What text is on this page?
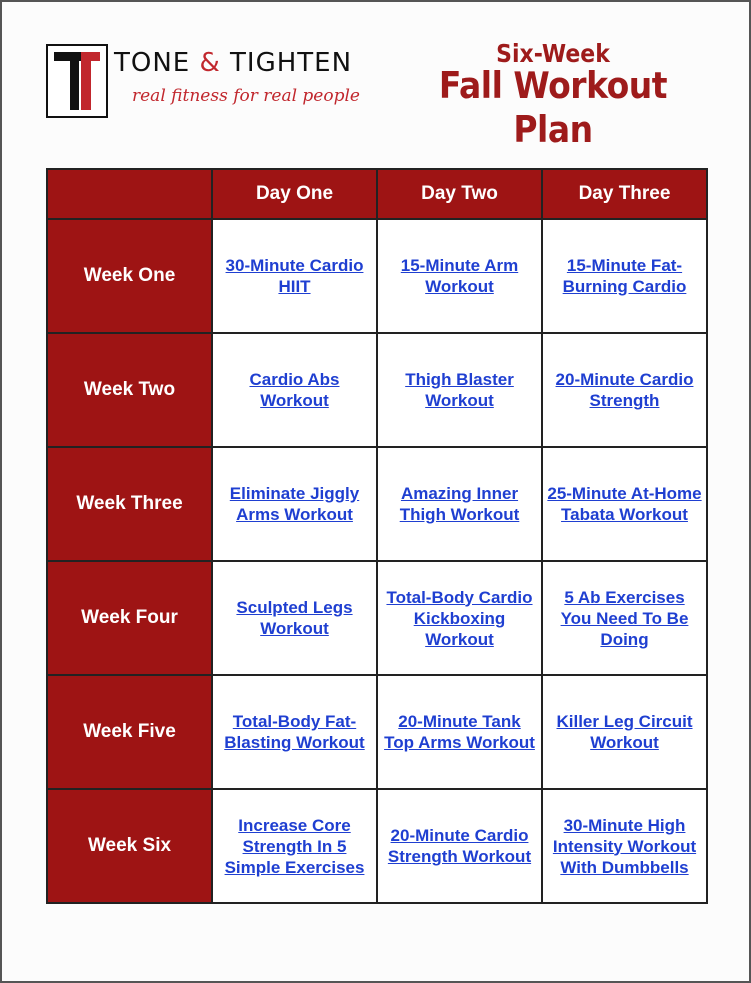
TONE & TIGHTEN
real fitness for real people
Six-Week
Fall Workout Plan
	Day One	Day Two	Day Three
Week One	30-Minute Cardio HIIT	15-Minute Arm Workout	15-Minute Fat-Burning Cardio
Week Two	Cardio Abs Workout	Thigh Blaster Workout	20-Minute Cardio Strength
Week Three	Eliminate Jiggly Arms Workout	Amazing Inner Thigh Workout	25-Minute At-Home Tabata Workout
Week Four	Sculpted Legs Workout	Total-Body Cardio Kickboxing Workout	5 Ab Exercises You Need To Be Doing
Week Five	Total-Body Fat-Blasting Workout	20-Minute Tank Top Arms Workout	Killer Leg Circuit Workout
Week Six	Increase Core Strength In 5 Simple Exercises	20-Minute Cardio Strength Workout	30-Minute High Intensity Workout With Dumbbells
